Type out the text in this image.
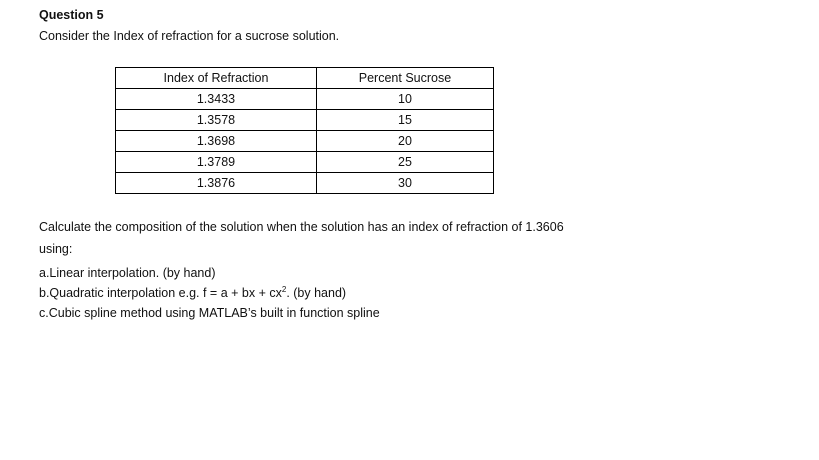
Question 5
Consider the Index of refraction for a sucrose solution.
Index of Refraction	Percent Sucrose
1.3433	10
1.3578	15
1.3698	20
1.3789	25
1.3876	30
Calculate the composition of the solution when the solution has an index of refraction of 1.3606
using:
a.Linear interpolation. (by hand)
b.Quadratic interpolation e.g. f = a + bx + $cx^2$. (by hand)
c.Cubic spline method using MATLAB’s built in function spline
